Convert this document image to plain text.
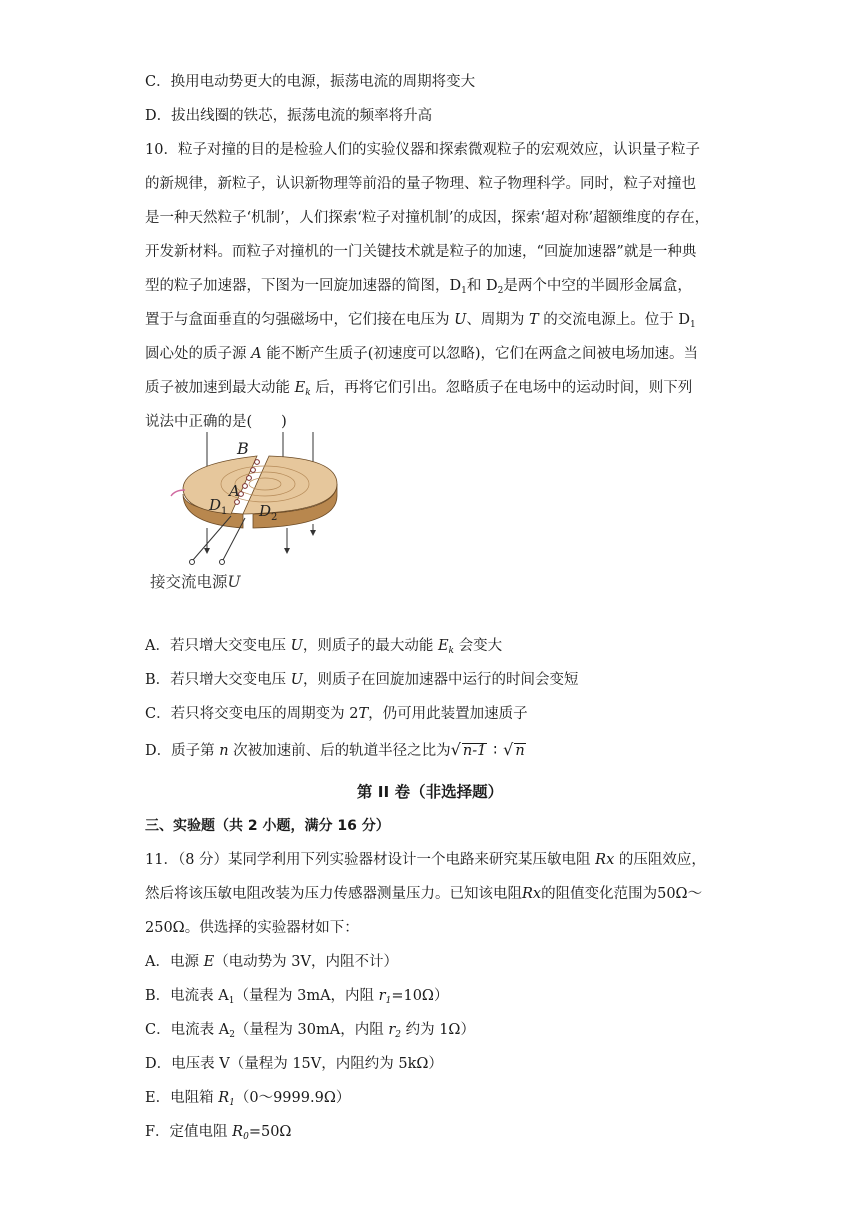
C．换用电动势更大的电源，振荡电流的周期将变大
D．拔出线圈的铁芯，振荡电流的频率将升高
10．粒子对撞的目的是检验人们的实验仪器和探索微观粒子的宏观效应，认识量子粒子
的新规律，新粒子，认识新物理等前沿的量子物理、粒子物理科学。同时，粒子对撞也
是一种天然粒子‘机制’，人们探索‘粒子对撞机制’的成因，探索‘超对称’超额维度的存在，
开发新材料。而粒子对撞机的一门关键技术就是粒子的加速，“回旋加速器”就是一种典
型的粒子加速器，下图为一回旋加速器的简图，$D_1$和 $D_2$是两个中空的半圆形金属盒，
置于与盒面垂直的匀强磁场中，它们接在电压为 U、周期为 T 的交流电源上。位于 $D_1$
圆心处的质子源 A 能不断产生质子(初速度可以忽略)，它们在两盒之间被电场加速。当
质子被加速到最大动能 $E_k$ 后，再将它们引出。忽略质子在电场中的运动时间，则下列
说法中正确的是(　　)
B
A
D 1 D 2
接交流电源U
A．若只增大交变电压 U，则质子的最大动能 $E_k$ 会变大
B．若只增大交变电压 U，则质子在回旋加速器中运行的时间会变短
C．若只将交变电压的周期变为 2T，仍可用此装置加速质子
D．质子第 n 次被加速前、后的轨道半径之比为√ n-1 ∶ √ n
第 II 卷（非选择题）
三、实验题（共 2 小题，满分 16 分）
11．（8 分）某同学利用下列实验器材设计一个电路来研究某压敏电阻 Rx 的压阻效应，
然后将该压敏电阻改装为压力传感器测量压力。已知该电阻Rx的阻值变化范围为50Ω～
250Ω。供选择的实验器材如下：
A．电源 E（电动势为 3V，内阻不计）
B．电流表 $A_1$（量程为 3mA，内阻 $r_1=10\Omega$）
C．电流表 $A_2$（量程为 30mA，内阻 $r_2$ 约为 1Ω）
D．电压表 V（量程为 15V，内阻约为 5kΩ）
E．电阻箱 $R_1(0\sim 9999.9\Omega)$
F．定值电阻 $R_0=50\Omega$
